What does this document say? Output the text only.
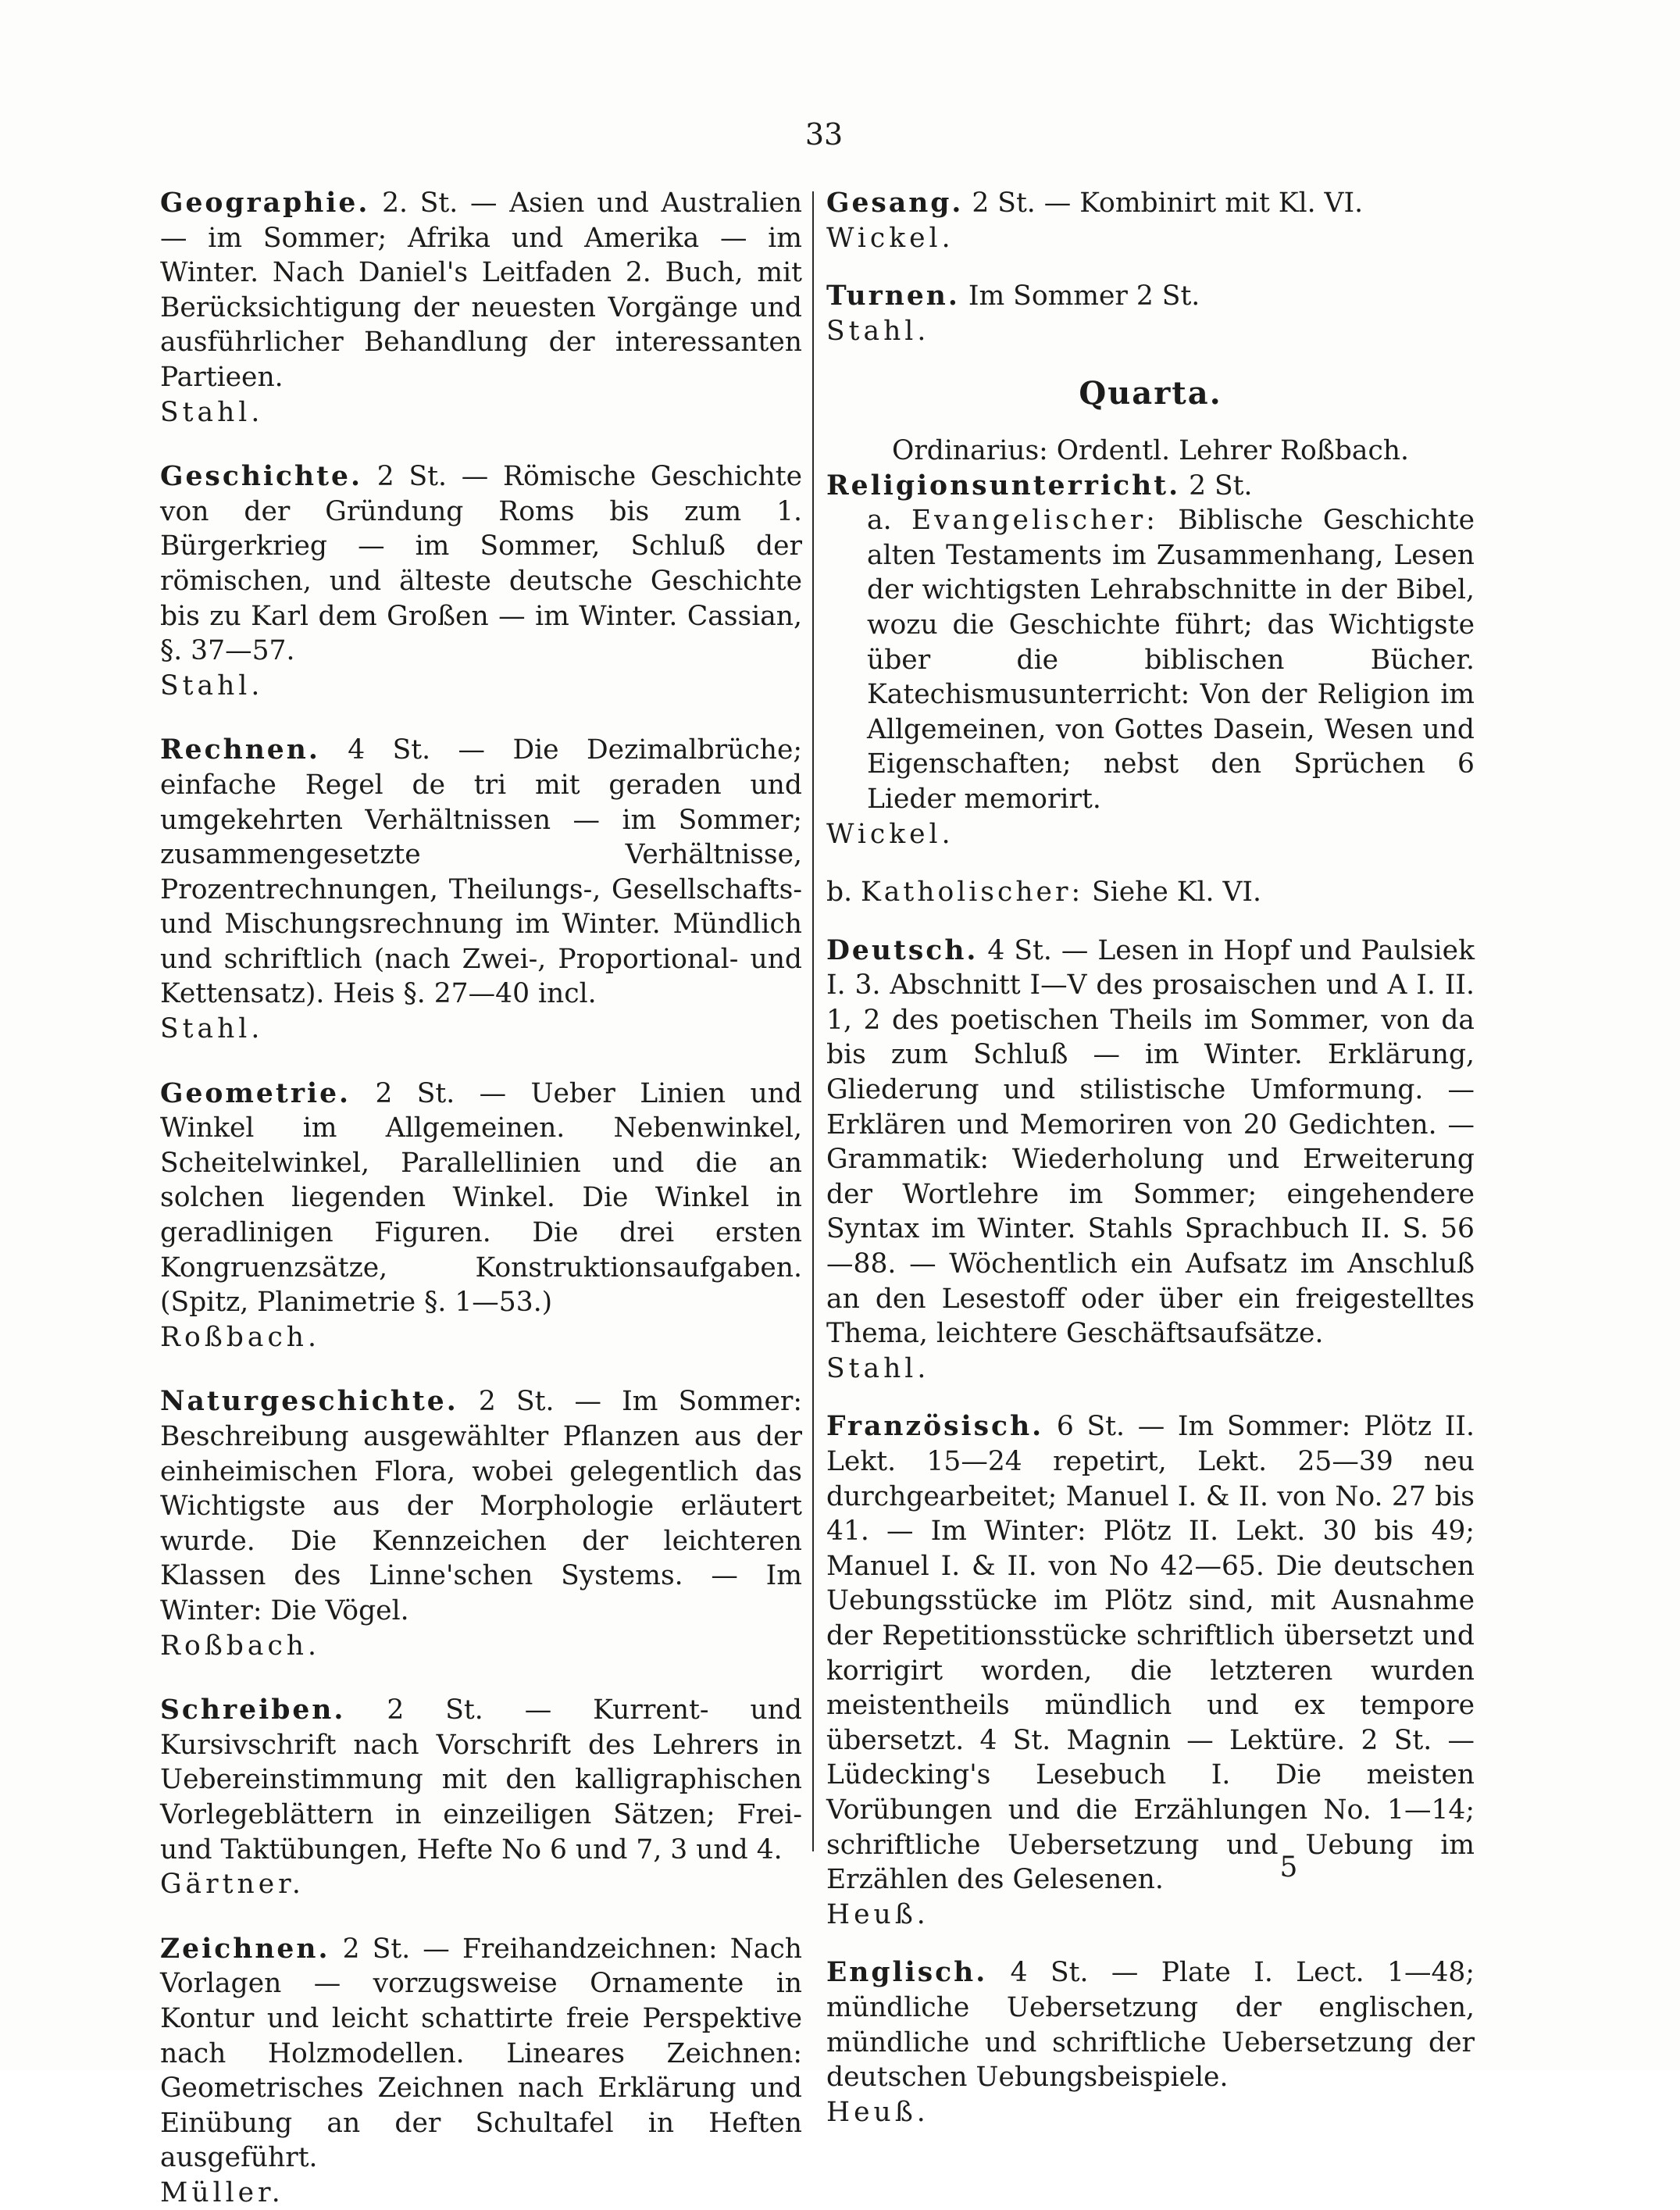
33

Geographie. 2. St. — Asien und Australien — im Sommer; Afrika und Amerika — im Winter. Nach Daniel's Leitfaden 2. Buch, mit Berücksichtigung der neuesten Vorgänge und ausführlicher Behandlung der interessanten Partieen.

Stahl.

Geschichte. 2 St. — Römische Geschichte von der Gründung Roms bis zum 1. Bürgerkrieg — im Sommer, Schluß der römischen, und älteste deutsche Geschichte bis zu Karl dem Großen — im Winter. Cassian, §. 37—57.

Stahl.

Rechnen. 4 St. — Die Dezimalbrüche; einfache Regel de tri mit geraden und umgekehrten Verhältnissen — im Sommer; zusammengesetzte Verhältnisse, Prozentrechnungen, Theilungs-, Gesellschafts- und Mischungsrechnung im Winter. Mündlich und schriftlich (nach Zwei-, Proportional- und Kettensatz). Heis §. 27—40 incl.

Stahl.

Geometrie. 2 St. — Ueber Linien und Winkel im Allgemeinen. Nebenwinkel, Scheitelwinkel, Parallellinien und die an solchen liegenden Winkel. Die Winkel in geradlinigen Figuren. Die drei ersten Kongruenzsätze, Konstruktionsaufgaben. (Spitz, Planimetrie §. 1—53.)

Roßbach.

Naturgeschichte. 2 St. — Im Sommer: Beschreibung ausgewählter Pflanzen aus der einheimischen Flora, wobei gelegentlich das Wichtigste aus der Morphologie erläutert wurde. Die Kennzeichen der leichteren Klassen des Linne'schen Systems. — Im Winter: Die Vögel.

Roßbach.

Schreiben. 2 St. — Kurrent- und Kursivschrift nach Vorschrift des Lehrers in Uebereinstimmung mit den kalligraphischen Vorlegeblättern in einzeiligen Sätzen; Frei- und Taktübungen, Hefte No 6 und 7, 3 und 4.

Gärtner.

Zeichnen. 2 St. — Freihandzeichnen: Nach Vorlagen — vorzugsweise Ornamente in Kontur und leicht schattirte freie Perspektive nach Holzmodellen. Lineares Zeichnen: Geometrisches Zeichnen nach Erklärung und Einübung an der Schultafel in Heften ausgeführt.

Müller.

Gesang. 2 St. — Kombinirt mit Kl. VI.

Wickel.

Turnen. Im Sommer 2 St.

Stahl.

Quarta.

Ordinarius: Ordentl. Lehrer Roßbach.

Religionsunterricht. 2 St.

a. Evangelischer: Biblische Geschichte alten Testaments im Zusammenhang, Lesen der wichtigsten Lehrabschnitte in der Bibel, wozu die Geschichte führt; das Wichtigste über die biblischen Bücher. Katechismusunterricht: Von der Religion im Allgemeinen, von Gottes Dasein, Wesen und Eigenschaften; nebst den Sprüchen 6 Lieder memorirt.

Wickel.

b. Katholischer: Siehe Kl. VI.

Deutsch. 4 St. — Lesen in Hopf und Paulsiek I. 3. Abschnitt I—V des prosaischen und A I. II. 1, 2 des poetischen Theils im Sommer, von da bis zum Schluß — im Winter. Erklärung, Gliederung und stilistische Umformung. — Erklären und Memoriren von 20 Gedichten. — Grammatik: Wiederholung und Erweiterung der Wortlehre im Sommer; eingehendere Syntax im Winter. Stahls Sprachbuch II. S. 56—88. — Wöchentlich ein Aufsatz im Anschluß an den Lesestoff oder über ein freigestelltes Thema, leichtere Geschäftsaufsätze.

Stahl.

Französisch. 6 St. — Im Sommer: Plötz II. Lekt. 15—24 repetirt, Lekt. 25—39 neu durchgearbeitet; Manuel I. & II. von No. 27 bis 41. — Im Winter: Plötz II. Lekt. 30 bis 49; Manuel I. & II. von No 42—65. Die deutschen Uebungsstücke im Plötz sind, mit Ausnahme der Repetitionsstücke schriftlich übersetzt und korrigirt worden, die letzteren wurden meistentheils mündlich und ex tempore übersetzt. 4 St. Magnin — Lektüre. 2 St. — Lüdecking's Lesebuch I. Die meisten Vorübungen und die Erzählungen No. 1—14; schriftliche Uebersetzung und Uebung im Erzählen des Gelesenen.

Heuß.

Englisch. 4 St. — Plate I. Lect. 1—48; mündliche Uebersetzung der englischen, mündliche und schriftliche Uebersetzung der deutschen Uebungsbeispiele.

Heuß.

5
